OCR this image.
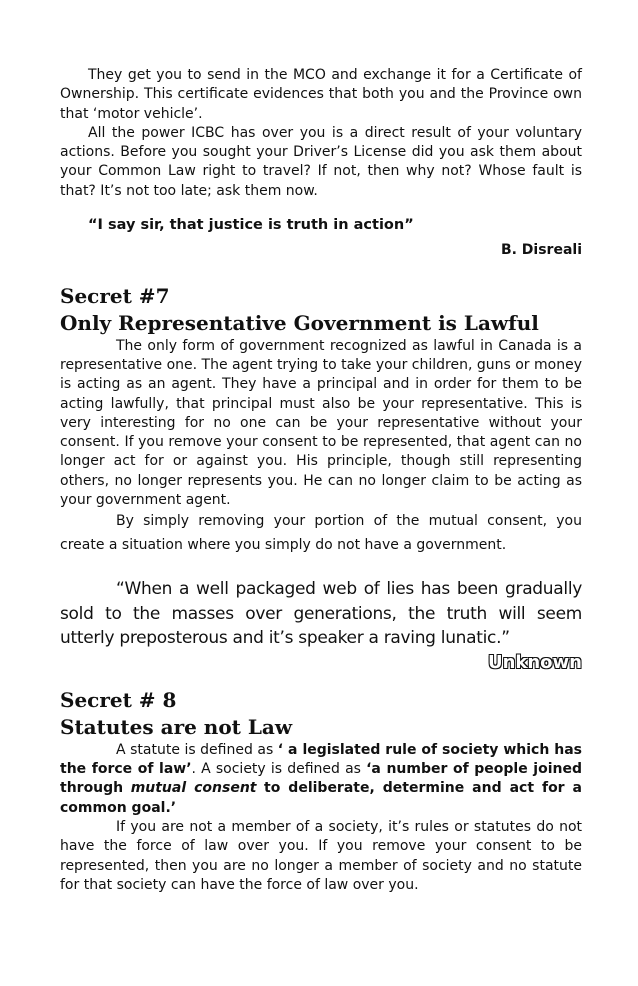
They get you to send in the MCO and exchange it for a Certificate of Ownership. This certificate evidences that both you and the Province own that ‘motor vehicle’.

All the power ICBC has over you is a direct result of your voluntary actions. Before you sought your Driver’s License did you ask them about your Common Law right to travel? If not, then why not? Whose fault is that? It’s not too late; ask them now.

“I say sir, that justice is truth in action”

B. Disreali

Secret #7
Only Representative Government is Lawful

The only form of government recognized as lawful in Canada is a representative one. The agent trying to take your children, guns or money is acting as an agent. They have a principal and in order for them to be acting lawfully, that principal must also be your representative. This is very interesting for no one can be your representative without your consent. If you remove your consent to be represented, that agent can no longer act for or against you. His principle, though still representing others, no longer represents you. He can no longer claim to be acting as your government agent.

By simply removing your portion of the mutual consent, you create a situation where you simply do not have a government.

“When a well packaged web of lies has been gradually sold to the masses over generations, the truth will seem utterly preposterous and it’s speaker a raving lunatic.”

Unknown

Secret # 8
Statutes are not Law

A statute is defined as ‘ a legislated rule of society which has the force of law’. A society is defined as ‘a number of people joined through mutual consent to deliberate, determine and act for a common goal.’

If you are not a member of a society, it’s rules or statutes do not have the force of law over you. If you remove your consent to be represented, then you are no longer a member of society and no statute for that society can have the force of law over you.
